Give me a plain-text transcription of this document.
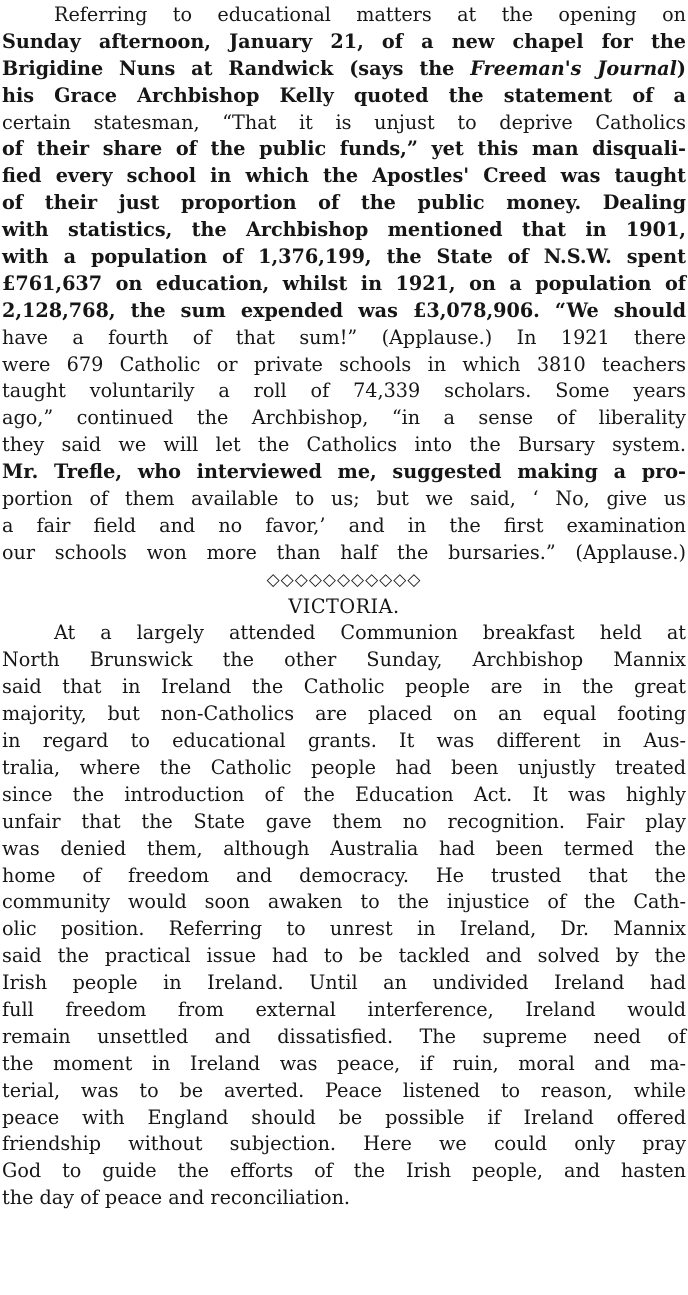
Referring to educational matters at the opening on
Sunday afternoon, January 21, of a new chapel for the
Brigidine Nuns at Randwick (says the Freeman's Journal)
his Grace Archbishop Kelly quoted the statement of a
certain statesman, “That it is unjust to deprive Catholics
of their share of the public funds,” yet this man disquali-
fied every school in which the Apostles' Creed was taught
of their just proportion of the public money. Dealing
with statistics, the Archbishop mentioned that in 1901,
with a population of 1,376,199, the State of N.S.W. spent
£761,637 on education, whilst in 1921, on a population of
2,128,768, the sum expended was £3,078,906. “We should
have a fourth of that sum!” (Applause.) In 1921 there
were 679 Catholic or private schools in which 3810 teachers
taught voluntarily a roll of 74,339 scholars. Some years
ago,” continued the Archbishop, “in a sense of liberality
they said we will let the Catholics into the Bursary system.
Mr. Trefle, who interviewed me, suggested making a pro-
portion of them available to us; but we said, ‘ No, give us
a fair field and no favor,’ and in the first examination
our schools won more than half the bursaries.” (Applause.)
◇◇◇◇◇◇◇◇◇◇◇
VICTORIA.
At a largely attended Communion breakfast held at
North Brunswick the other Sunday, Archbishop Mannix
said that in Ireland the Catholic people are in the great
majority, but non-Catholics are placed on an equal footing
in regard to educational grants. It was different in Aus-
tralia, where the Catholic people had been unjustly treated
since the introduction of the Education Act. It was highly
unfair that the State gave them no recognition. Fair play
was denied them, although Australia had been termed the
home of freedom and democracy. He trusted that the
community would soon awaken to the injustice of the Cath-
olic position. Referring to unrest in Ireland, Dr. Mannix
said the practical issue had to be tackled and solved by the
Irish people in Ireland. Until an undivided Ireland had
full freedom from external interference, Ireland would
remain unsettled and dissatisfied. The supreme need of
the moment in Ireland was peace, if ruin, moral and ma-
terial, was to be averted. Peace listened to reason, while
peace with England should be possible if Ireland offered
friendship without subjection. Here we could only pray
God to guide the efforts of the Irish people, and hasten
the day of peace and reconciliation.
